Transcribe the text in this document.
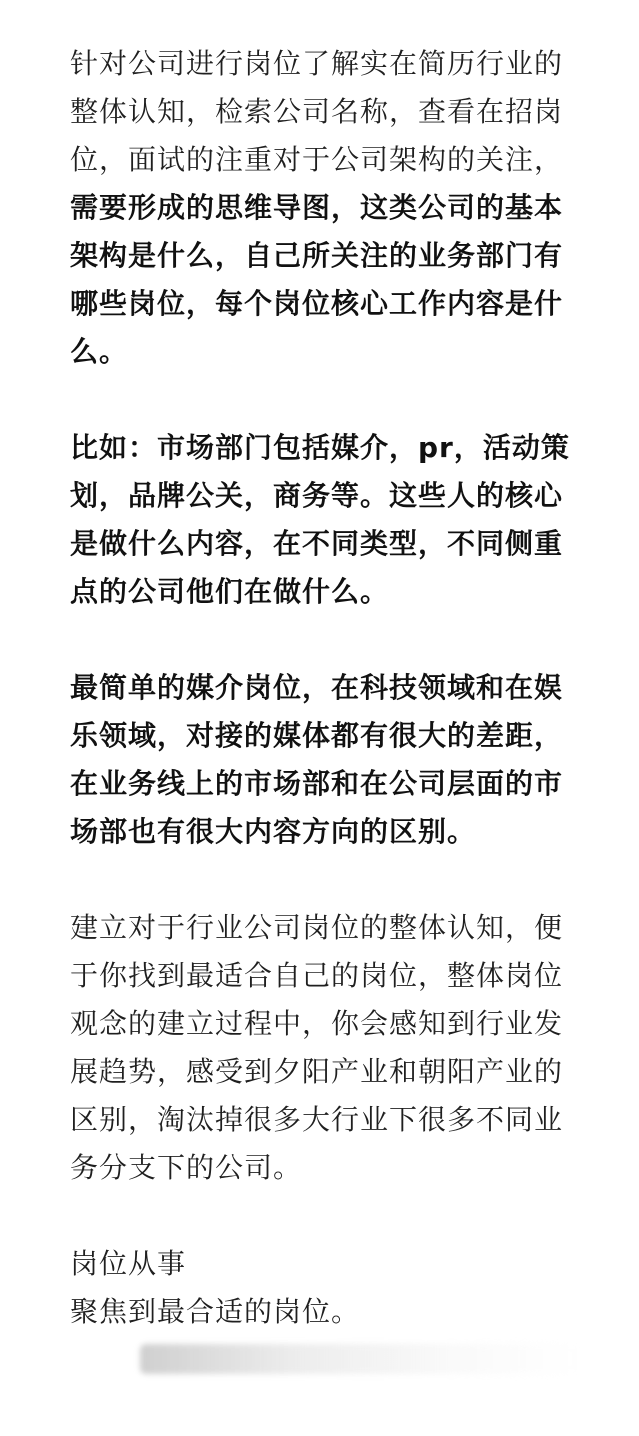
针对公司进行岗位了解实在简历行业的整体认知，检索公司名称，查看在招岗位，面试的注重对于公司架构的关注，需要形成的思维导图，这类公司的基本架构是什么，自己所关注的业务部门有哪些岗位，每个岗位核心工作内容是什么。

比如：市场部门包括媒介，pr，活动策划，品牌公关，商务等。这些人的核心是做什么内容，在不同类型，不同侧重点的公司他们在做什么。

最简单的媒介岗位，在科技领域和在娱乐领域，对接的媒体都有很大的差距，在业务线上的市场部和在公司层面的市场部也有很大内容方向的区别。

建立对于行业公司岗位的整体认知，便于你找到最适合自己的岗位，整体岗位观念的建立过程中，你会感知到行业发展趋势，感受到夕阳产业和朝阳产业的区别，淘汰掉很多大行业下很多不同业务分支下的公司。

岗位从事
聚焦到最合适的岗位。
